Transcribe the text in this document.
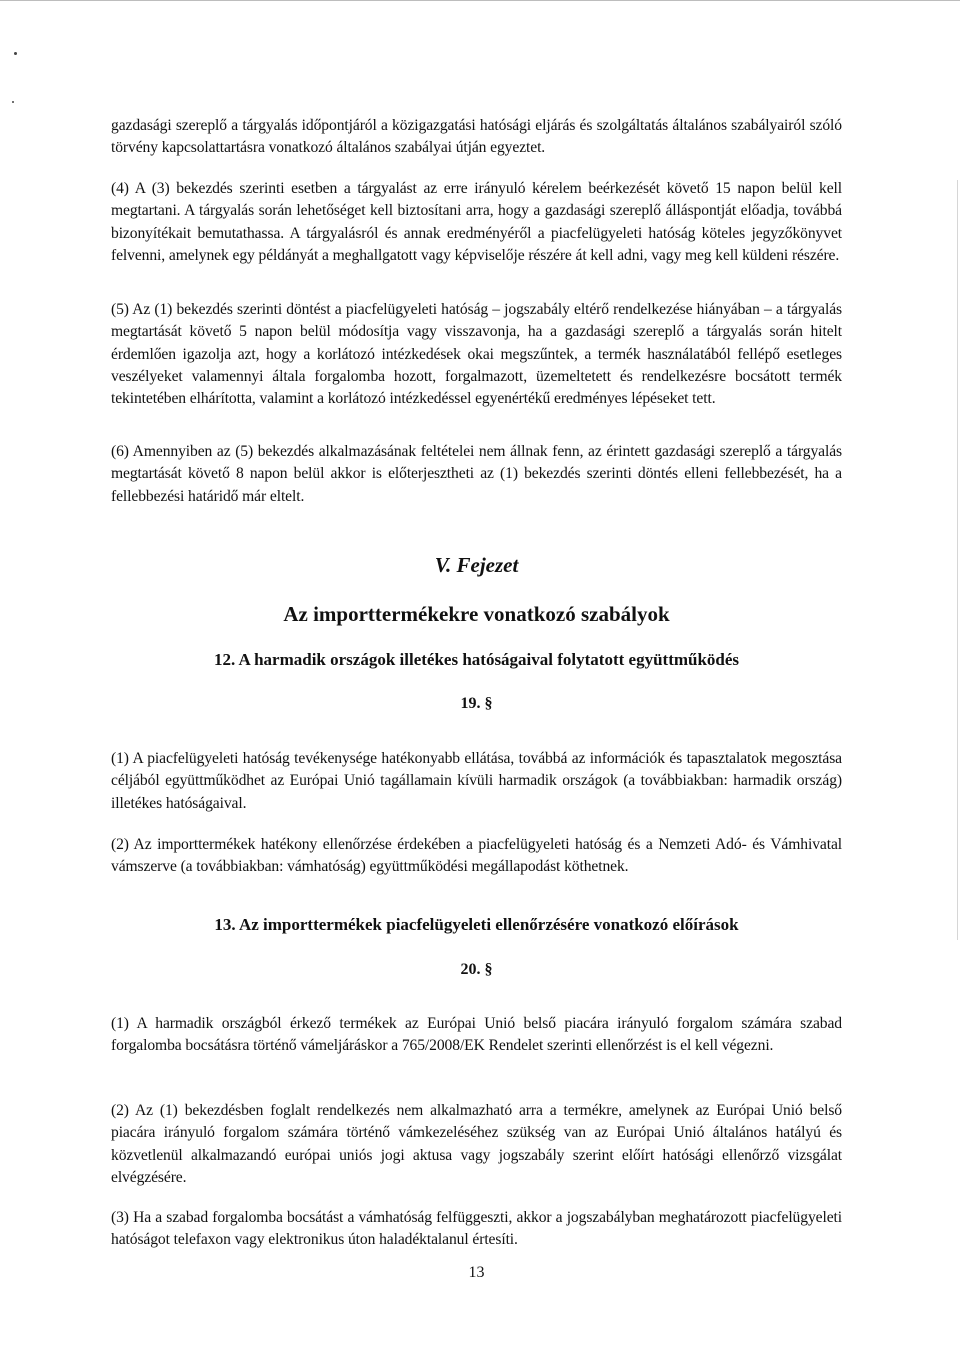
gazdasági szereplő a tárgyalás időpontjáról a közigazgatási hatósági eljárás és szolgáltatás általános szabályairól szóló törvény kapcsolattartásra vonatkozó általános szabályai útján egyeztet.

(4) A (3) bekezdés szerinti esetben a tárgyalást az erre irányuló kérelem beérkezését követő 15 napon belül kell megtartani. A tárgyalás során lehetőséget kell biztosítani arra, hogy a gazdasági szereplő álláspontját előadja, továbbá bizonyítékait bemutathassa. A tárgyalásról és annak eredményéről a piacfelügyeleti hatóság köteles jegyzőkönyvet felvenni, amelynek egy példányát a meghallgatott vagy képviselője részére át kell adni, vagy meg kell küldeni részére.

(5) Az (1) bekezdés szerinti döntést a piacfelügyeleti hatóság – jogszabály eltérő rendelkezése hiányában – a tárgyalás megtartását követő 5 napon belül módosítja vagy visszavonja, ha a gazdasági szereplő a tárgyalás során hitelt érdemlően igazolja azt, hogy a korlátozó intézkedések okai megszűntek, a termék használatából fellépő esetleges veszélyeket valamennyi általa forgalomba hozott, forgalmazott, üzemeltetett és rendelkezésre bocsátott termék tekintetében elhárította, valamint a korlátozó intézkedéssel egyenértékű eredményes lépéseket tett.

(6) Amennyiben az (5) bekezdés alkalmazásának feltételei nem állnak fenn, az érintett gazdasági szereplő a tárgyalás megtartását követő 8 napon belül akkor is előterjesztheti az (1) bekezdés szerinti döntés elleni fellebbezését, ha a fellebbezési határidő már eltelt.

V. Fejezet
Az importtermékekre vonatkozó szabályok
12. A harmadik országok illetékes hatóságaival folytatott együttműködés
19. §

(1) A piacfelügyeleti hatóság tevékenysége hatékonyabb ellátása, továbbá az információk és tapasztalatok megosztása céljából együttműködhet az Európai Unió tagállamain kívüli harmadik országok (a továbbiakban: harmadik ország) illetékes hatóságaival.

(2) Az importtermékek hatékony ellenőrzése érdekében a piacfelügyeleti hatóság és a Nemzeti Adó- és Vámhivatal vámszerve (a továbbiakban: vámhatóság) együttműködési megállapodást köthetnek.

13. Az importtermékek piacfelügyeleti ellenőrzésére vonatkozó előírások
20. §

(1) A harmadik országból érkező termékek az Európai Unió belső piacára irányuló forgalom számára szabad forgalomba bocsátásra történő vámeljáráskor a 765/2008/EK Rendelet szerinti ellenőrzést is el kell végezni.

(2) Az (1) bekezdésben foglalt rendelkezés nem alkalmazható arra a termékre, amelynek az Európai Unió belső piacára irányuló forgalom számára történő vámkezeléséhez szükség van az Európai Unió általános hatályú és közvetlenül alkalmazandó európai uniós jogi aktusa vagy jogszabály szerint előírt hatósági ellenőrző vizsgálat elvégzésére.

(3) Ha a szabad forgalomba bocsátást a vámhatóság felfüggeszti, akkor a jogszabályban meghatározott piacfelügyeleti hatóságot telefaxon vagy elektronikus úton haladéktalanul értesíti.

13
